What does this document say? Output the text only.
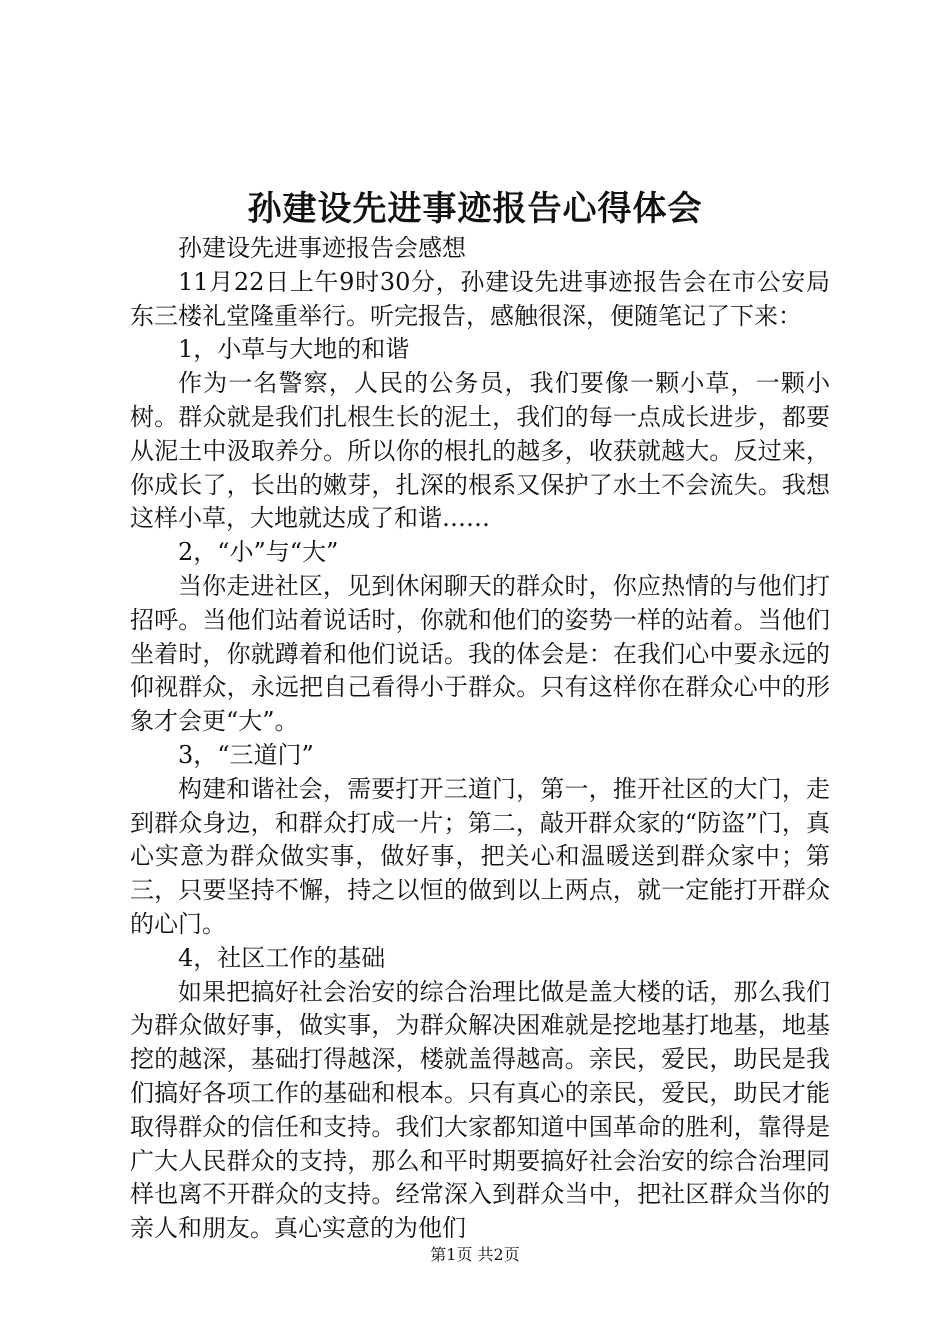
孙建设先进事迹报告心得体会

孙建设先进事迹报告会感想

11月22日上午9时30分，孙建设先进事迹报告会在市公安局东三楼礼堂隆重举行。听完报告，感触很深，便随笔记了下来：

1，小草与大地的和谐

作为一名警察，人民的公务员，我们要像一颗小草，一颗小树。群众就是我们扎根生长的泥土，我们的每一点成长进步，都要从泥土中汲取养分。所以你的根扎的越多，收获就越大。反过来，你成长了，长出的嫩芽，扎深的根系又保护了水土不会流失。我想这样小草，大地就达成了和谐……

2，“小”与“大”

当你走进社区，见到休闲聊天的群众时，你应热情的与他们打招呼。当他们站着说话时，你就和他们的姿势一样的站着。当他们坐着时，你就蹲着和他们说话。我的体会是：在我们心中要永远的仰视群众，永远把自己看得小于群众。只有这样你在群众心中的形象才会更“大”。

3，“三道门”

构建和谐社会，需要打开三道门，第一，推开社区的大门，走到群众身边，和群众打成一片；第二，敲开群众家的“防盗”门，真心实意为群众做实事，做好事，把关心和温暖送到群众家中；第三，只要坚持不懈，持之以恒的做到以上两点，就一定能打开群众的心门。

4，社区工作的基础

如果把搞好社会治安的综合治理比做是盖大楼的话，那么我们为群众做好事，做实事，为群众解决困难就是挖地基打地基，地基挖的越深，基础打得越深，楼就盖得越高。亲民，爱民，助民是我们搞好各项工作的基础和根本。只有真心的亲民，爱民，助民才能取得群众的信任和支持。我们大家都知道中国革命的胜利，靠得是广大人民群众的支持，那么和平时期要搞好社会治安的综合治理同样也离不开群众的支持。经常深入到群众当中，把社区群众当你的亲人和朋友。真心实意的为他们

第1页 共2页
